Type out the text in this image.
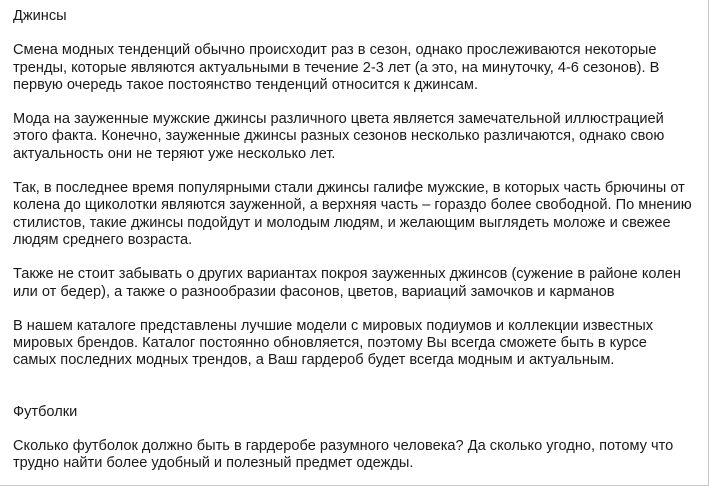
Джинсы

Смена модных тенденций обычно происходит раз в сезон, однако прослеживаются некоторые тренды, которые являются актуальными в течение 2-3 лет (а это, на минуточку, 4-6 сезонов). В первую очередь такое постоянство тенденций относится к джинсам.

Мода на зауженные мужские джинсы различного цвета является замечательной иллюстрацией этого факта. Конечно, зауженные джинсы разных сезонов несколько различаются, однако свою актуальность они не теряют уже несколько лет.

Так, в последнее время популярными стали джинсы галифе мужские, в которых часть брючины от колена до щиколотки являются зауженной, а верхняя часть – гораздо более свободной. По мнению стилистов, такие джинсы подойдут и молодым людям, и желающим выглядеть моложе и свежее людям среднего возраста.

Также не стоит забывать о других вариантах покроя зауженных джинсов (сужение в районе колен или от бедер), а также о разнообразии фасонов, цветов, вариаций замочков и карманов

В нашем каталоге представлены лучшие модели с мировых подиумов и коллекции известных мировых брендов. Каталог постоянно обновляется, поэтому Вы всегда сможете быть в курсе самых последних модных трендов, а Ваш гардероб будет всегда модным и актуальным.

Футболки

Сколько футболок должно быть в гардеробе разумного человека? Да сколько угодно, потому что трудно найти более удобный и полезный предмет одежды.
